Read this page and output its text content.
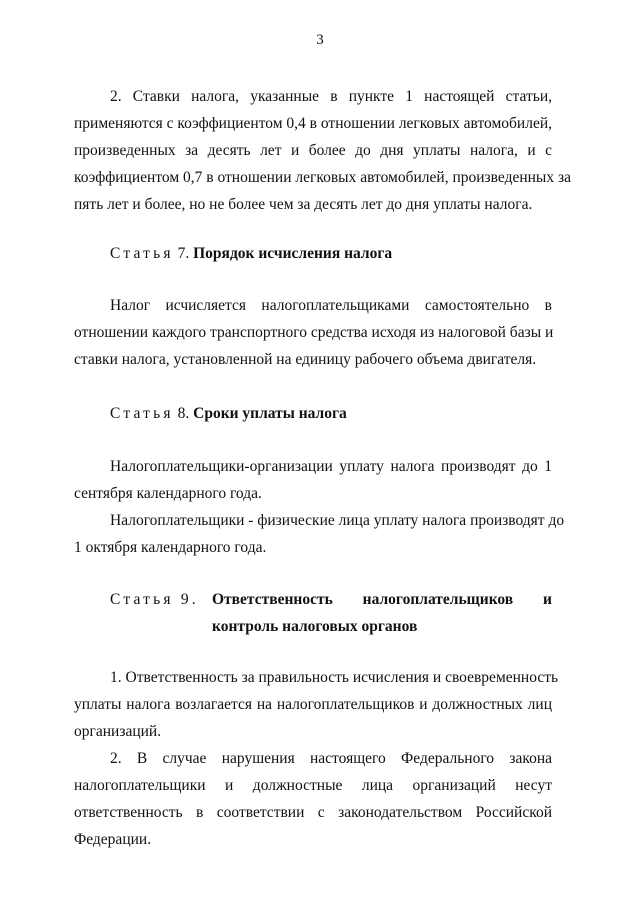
3
2. Ставки налога, указанные в пункте 1 настоящей статьи,
применяются с коэффициентом 0,4 в отношении легковых автомобилей,
произведенных за десять лет и более до дня уплаты налога, и с
коэффициентом 0,7 в отношении легковых автомобилей, произведенных за
пять лет и более, но не более чем за десять лет до дня уплаты налога.
Статья 7. Порядок исчисления налога
Налог исчисляется налогоплательщиками самостоятельно в
отношении каждого транспортного средства исходя из налоговой базы и
ставки налога, установленной на единицу рабочего объема двигателя.
Статья 8. Сроки уплаты налога
Налогоплательщики-организации уплату налога производят до 1
сентября календарного года.
Налогоплательщики - физические лица уплату налога производят до
1 октября календарного года.
Статья 9. Ответственность налогоплательщиков и
контроль налоговых органов
1. Ответственность за правильность исчисления и своевременность
уплаты налога возлагается на налогоплательщиков и должностных лиц
организаций.
2. В случае нарушения настоящего Федерального закона
налогоплательщики и должностные лица организаций несут
ответственность в соответствии с законодательством Российской
Федерации.
